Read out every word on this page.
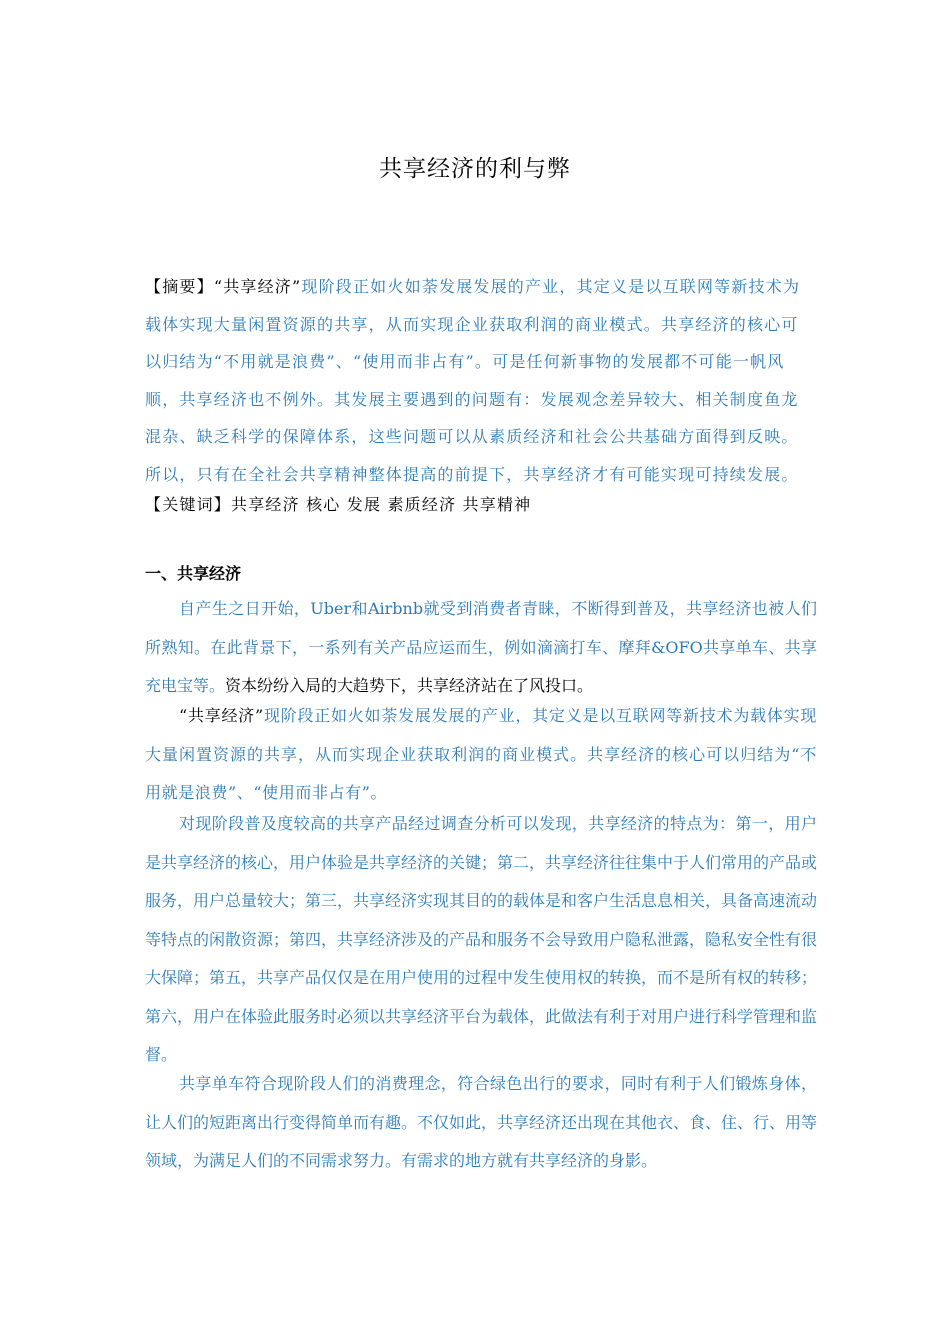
共享经济的利与弊
【摘要】“共享经济”现阶段正如火如荼发展发展的产业，其定义是以互联网等新技术为载体实现大量闲置资源的共享，从而实现企业获取利润的商业模式。共享经济的核心可以归结为“不用就是浪费”、“使用而非占有”。可是任何新事物的发展都不可能一帆风顺，共享经济也不例外。其发展主要遇到的问题有：发展观念差异较大、相关制度鱼龙混杂、缺乏科学的保障体系，这些问题可以从素质经济和社会公共基础方面得到反映。所以，只有在全社会共享精神整体提高的前提下，共享经济才有可能实现可持续发展。
【关键词】共享经济 核心 发展 素质经济 共享精神
一、共享经济
自产生之日开始，Uber和Airbnb就受到消费者青睐，不断得到普及，共享经济也被人们所熟知。在此背景下，一系列有关产品应运而生，例如滴滴打车、摩拜&OFO共享单车、共享充电宝等。资本纷纷入局的大趋势下，共享经济站在了风投口。
“共享经济”现阶段正如火如荼发展发展的产业，其定义是以互联网等新技术为载体实现大量闲置资源的共享，从而实现企业获取利润的商业模式。共享经济的核心可以归结为“不用就是浪费”、“使用而非占有”。
对现阶段普及度较高的共享产品经过调查分析可以发现，共享经济的特点为：第一，用户是共享经济的核心，用户体验是共享经济的关键；第二，共享经济往往集中于人们常用的产品或服务，用户总量较大；第三，共享经济实现其目的的载体是和客户生活息息相关，具备高速流动等特点的闲散资源；第四，共享经济涉及的产品和服务不会导致用户隐私泄露，隐私安全性有很大保障；第五，共享产品仅仅是在用户使用的过程中发生使用权的转换，而不是所有权的转移；第六，用户在体验此服务时必须以共享经济平台为载体，此做法有利于对用户进行科学管理和监督。
共享单车符合现阶段人们的消费理念，符合绿色出行的要求，同时有利于人们锻炼身体，让人们的短距离出行变得简单而有趣。不仅如此，共享经济还出现在其他衣、食、住、行、用等领域，为满足人们的不同需求努力。有需求的地方就有共享经济的身影。
